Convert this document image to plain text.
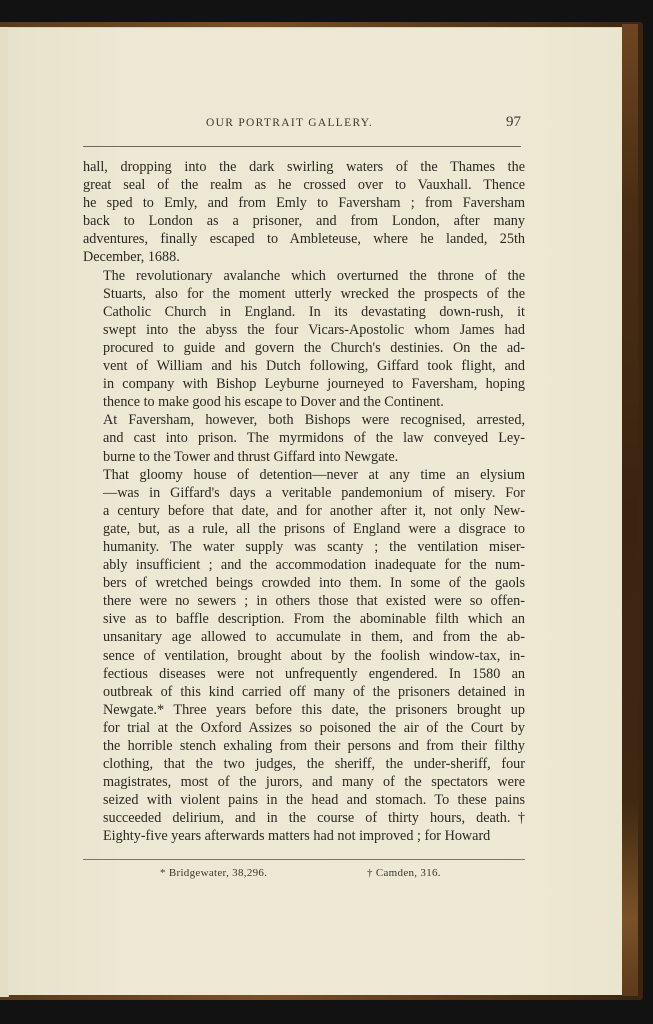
OUR PORTRAIT GALLERY.	97

hall, dropping into the dark swirling waters of the Thames the
great seal of the realm as he crossed over to Vauxhall. Thence
he sped to Emly, and from Emly to Faversham ; from Faversham
back to London as a prisoner, and from London, after many
adventures, finally escaped to Ambleteuse, where he landed, 25th
December, 1688.

The revolutionary avalanche which overturned the throne of the
Stuarts, also for the moment utterly wrecked the prospects of the
Catholic Church in England. In its devastating down-rush, it
swept into the abyss the four Vicars-Apostolic whom James had
procured to guide and govern the Church's destinies. On the ad-
vent of William and his Dutch following, Giffard took flight, and
in company with Bishop Leyburne journeyed to Faversham, hoping
thence to make good his escape to Dover and the Continent.

At Faversham, however, both Bishops were recognised, arrested,
and cast into prison. The myrmidons of the law conveyed Ley-
burne to the Tower and thrust Giffard into Newgate.

That gloomy house of detention—never at any time an elysium
—was in Giffard's days a veritable pandemonium of misery. For
a century before that date, and for another after it, not only New-
gate, but, as a rule, all the prisons of England were a disgrace to
humanity. The water supply was scanty ; the ventilation miser-
ably insufficient ; and the accommodation inadequate for the num-
bers of wretched beings crowded into them. In some of the gaols
there were no sewers ; in others those that existed were so offen-
sive as to baffle description. From the abominable filth which an
unsanitary age allowed to accumulate in them, and from the ab-
sence of ventilation, brought about by the foolish window-tax, in-
fectious diseases were not unfrequently engendered. In 1580 an
outbreak of this kind carried off many of the prisoners detained in
Newgate.* Three years before this date, the prisoners brought up
for trial at the Oxford Assizes so poisoned the air of the Court by
the horrible stench exhaling from their persons and from their filthy
clothing, that the two judges, the sheriff, the under-sheriff, four
magistrates, most of the jurors, and many of the spectators were
seized with violent pains in the head and stomach. To these pains
succeeded delirium, and in the course of thirty hours, death.†
Eighty-five years afterwards matters had not improved ; for Howard

* Bridgewater, 38,296.	† Camden, 316.
